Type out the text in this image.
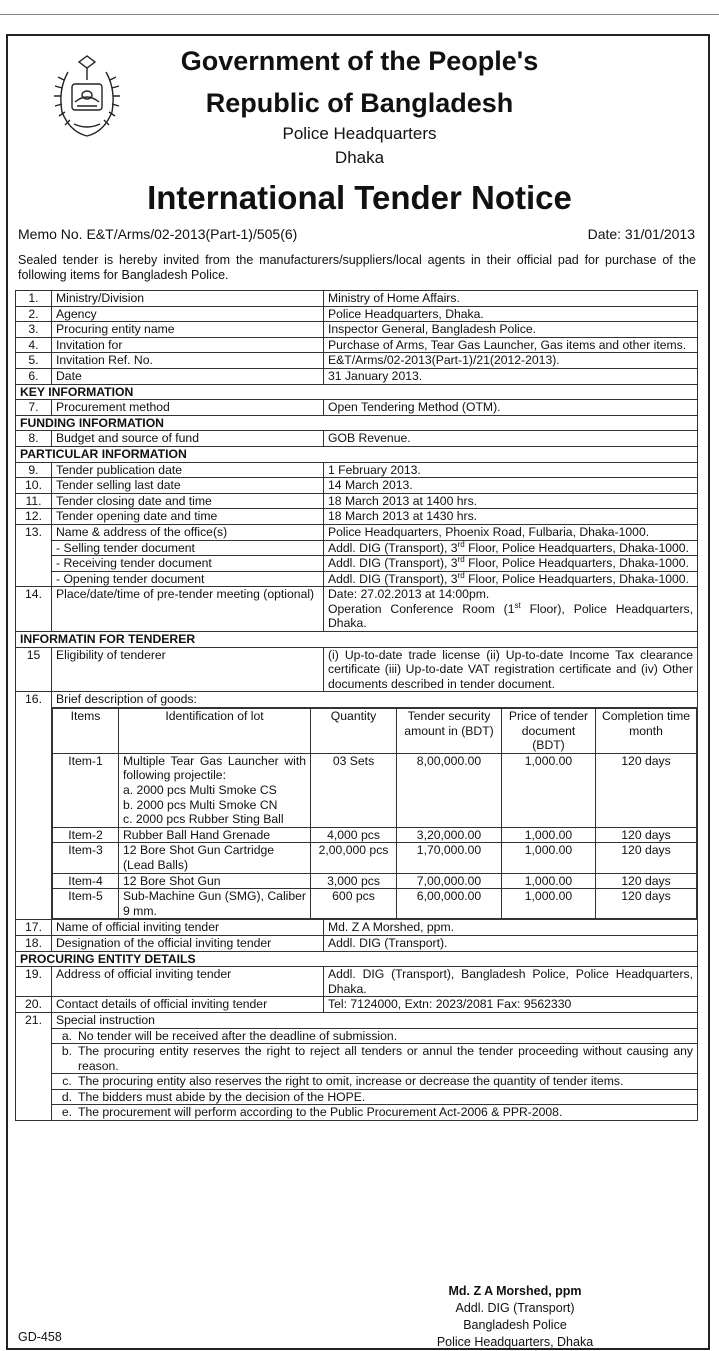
Government of the People's
Republic of Bangladesh
Police Headquarters
Dhaka
International Tender Notice
Memo No. E&T/Arms/02-2013(Part-1)/505(6)	Date: 31/01/2013
Sealed tender is hereby invited from the manufacturers/suppliers/local agents in their official pad for purchase of the following items for Bangladesh Police.
1.	Ministry/Division	Ministry of Home Affairs.
2.	Agency	Police Headquarters, Dhaka.
3.	Procuring entity name	Inspector General, Bangladesh Police.
4.	Invitation for	Purchase of Arms, Tear Gas Launcher, Gas items and other items.
5.	Invitation Ref. No.	E&T/Arms/02-2013(Part-1)/21(2012-2013).
6.	Date	31 January 2013.
KEY INFORMATION
7.	Procurement method	Open Tendering Method (OTM).
FUNDING INFORMATION
8.	Budget and source of fund	GOB Revenue.
PARTICULAR INFORMATION
9.	Tender publication date	1 February 2013.
10.	Tender selling last date	14 March 2013.
11.	Tender closing date and time	18 March 2013 at 1400 hrs.
12.	Tender opening date and time	18 March 2013 at 1430 hrs.
13.	Name & address of the office(s)	Police Headquarters, Phoenix Road, Fulbaria, Dhaka-1000.
- Selling tender document	Addl. DIG (Transport), 3rd Floor, Police Headquarters, Dhaka-1000.
- Receiving tender document	Addl. DIG (Transport), 3rd Floor, Police Headquarters, Dhaka-1000.
- Opening tender document	Addl. DIG (Transport), 3rd Floor, Police Headquarters, Dhaka-1000.
14.	Place/date/time of pre-tender meeting (optional)	Date: 27.02.2013 at 14:00pm.
Operation Conference Room (1st Floor), Police Headquarters, Dhaka.
INFORMATIN FOR TENDERER
15	Eligibility of tenderer	(i) Up-to-date trade license (ii) Up-to-date Income Tax clearance certificate (iii) Up-to-date VAT registration certificate and (iv) Other documents described in tender document.
16.	Brief description of goods:

Items	Identification of lot	Quantity	Tender security amount in (BDT)	Price of tender document (BDT)	Completion time month
Item-1	Multiple Tear Gas Launcher with following projectile:
a. 2000 pcs Multi Smoke CS
b. 2000 pcs Multi Smoke CN
c. 2000 pcs Rubber Sting Ball	03 Sets	8,00,000.00	1,000.00	120 days
Item-2	Rubber Ball Hand Grenade	4,000 pcs	3,20,000.00	1,000.00	120 days
Item-3	12 Bore Shot Gun Cartridge (Lead Balls)	2,00,000 pcs	1,70,000.00	1,000.00	120 days
Item-4	12 Bore Shot Gun	3,000 pcs	7,00,000.00	1,000.00	120 days
Item-5	Sub-Machine Gun (SMG), Caliber 9 mm.	600 pcs	6,00,000.00	1,000.00	120 days

17.	Name of official inviting tender	Md. Z A Morshed, ppm.
18.	Designation of the official inviting tender	Addl. DIG (Transport).
PROCURING ENTITY DETAILS
19.	Address of official inviting tender	Addl. DIG (Transport), Bangladesh Police, Police Headquarters, Dhaka.
20.	Contact details of official inviting tender	Tel: 7124000, Extn: 2023/2081 Fax: 9562330
21.	Special instruction
a. No tender will be received after the deadline of submission.
b. The procuring entity reserves the right to reject all tenders or annul the tender proceeding without causing any reason.
c. The procuring entity also reserves the right to omit, increase or decrease the quantity of tender items.
d. The bidders must abide by the decision of the HOPE.
e. The procurement will perform according to the Public Procurement Act-2006 & PPR-2008.
Md. Z A Morshed, ppm
Addl. DIG (Transport)
Bangladesh Police
Police Headquarters, Dhaka
GD-458
